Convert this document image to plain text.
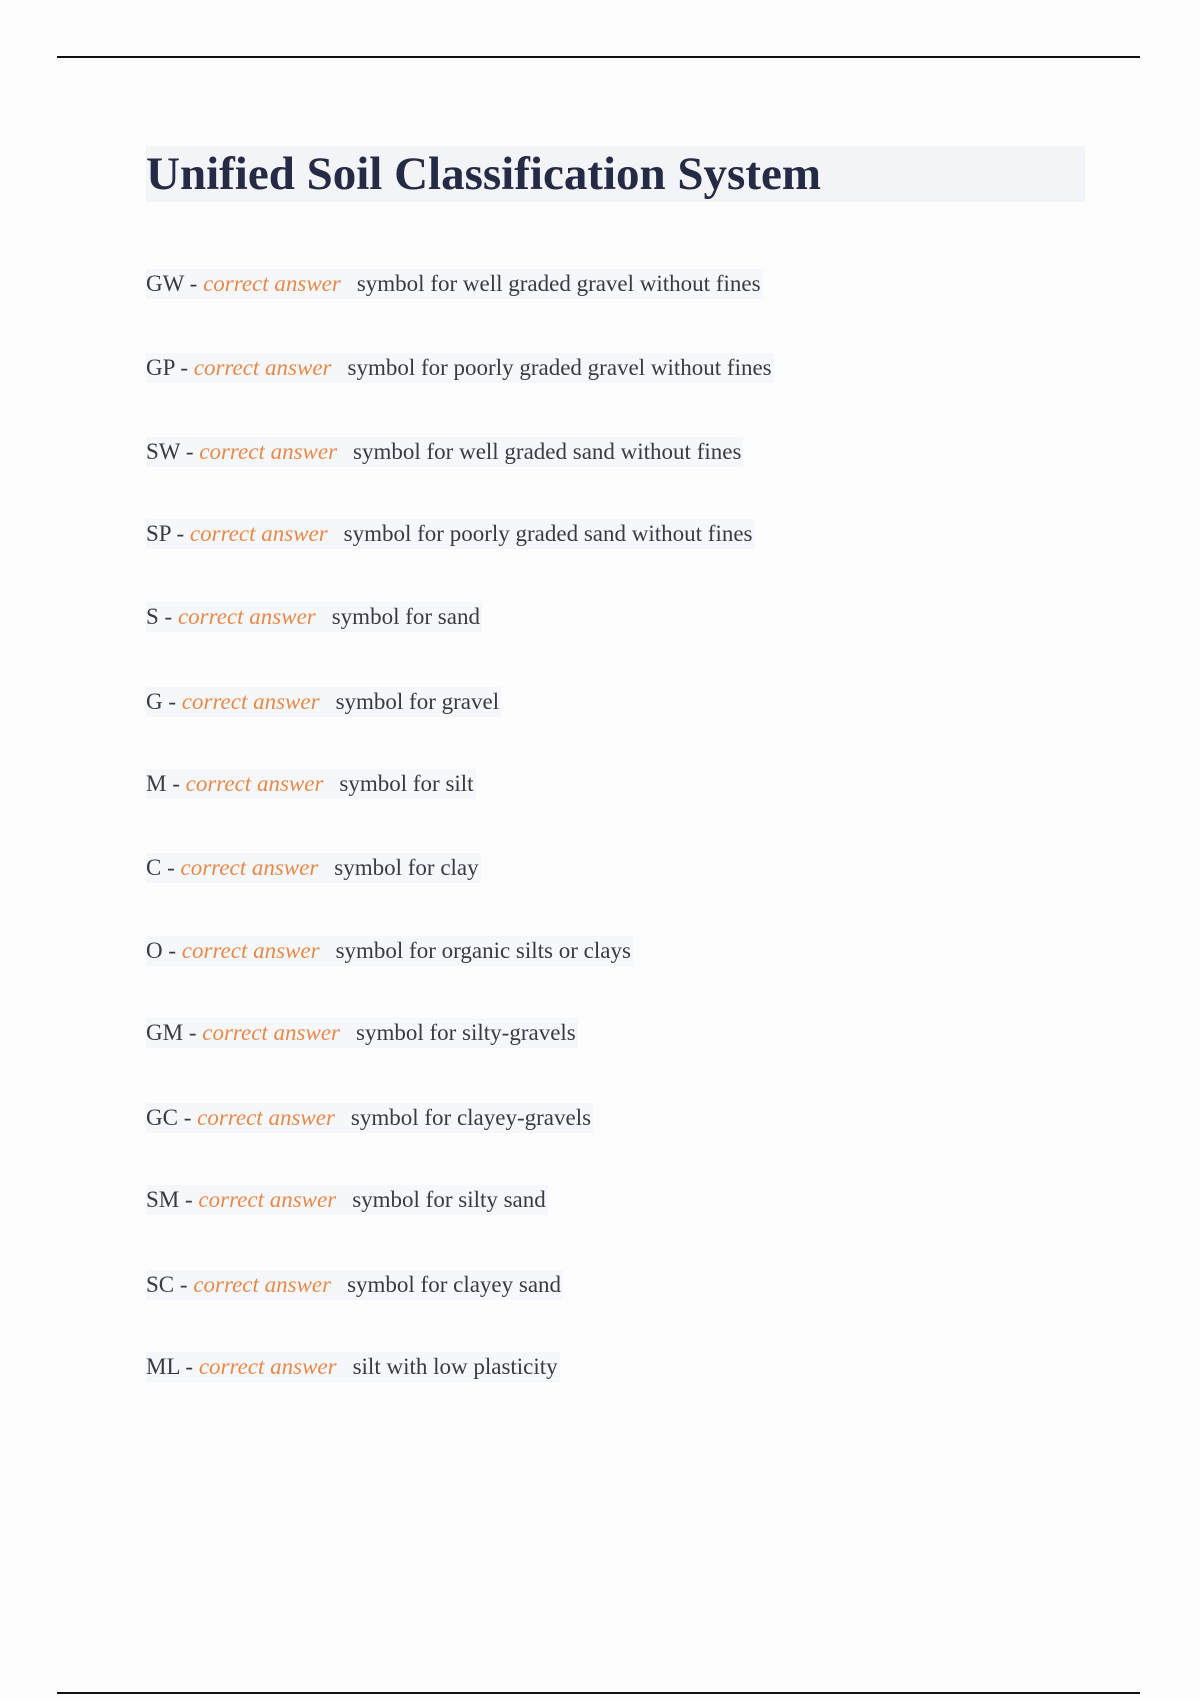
Unified Soil Classification System
GW - correct answer symbol for well graded gravel without fines
GP - correct answer symbol for poorly graded gravel without fines
SW - correct answer symbol for well graded sand without fines
SP - correct answer symbol for poorly graded sand without fines
S - correct answer symbol for sand
G - correct answer symbol for gravel
M - correct answer symbol for silt
C - correct answer symbol for clay
O - correct answer symbol for organic silts or clays
GM - correct answer symbol for silty-gravels
GC - correct answer symbol for clayey-gravels
SM - correct answer symbol for silty sand
SC - correct answer symbol for clayey sand
ML - correct answer silt with low plasticity
